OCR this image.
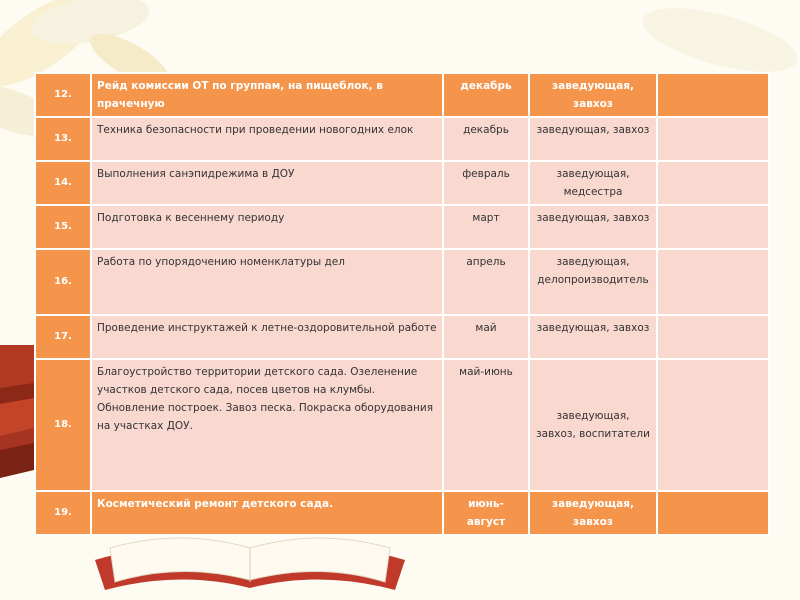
12.	Рейд комиссии ОТ по группам, на пищеблок, в прачечную	декабрь	заведующая, завхоз	
13.	Техника безопасности при проведении новогодних елок	декабрь	заведующая, завхоз	
14.	Выполнения санэпидрежима в ДОУ	февраль	заведующая, медсестра	
15.	Подготовка к весеннему периоду	март	заведующая, завхоз	
16.	Работа по упорядочению номенклатуры дел	апрель	заведующая, делопроизводитель	
17.	Проведение инструктажей к летне-оздоровительной работе	май	заведующая, завхоз	
18.	Благоустройство территории детского сада. Озеленение участков детского сада, посев цветов на клумбы. Обновление построек. Завоз песка. Покраска оборудования на участках ДОУ.	май-июнь	заведующая, завхоз, воспитатели	
19.	Косметический ремонт детского сада.	июнь-август	заведующая, завхоз	
